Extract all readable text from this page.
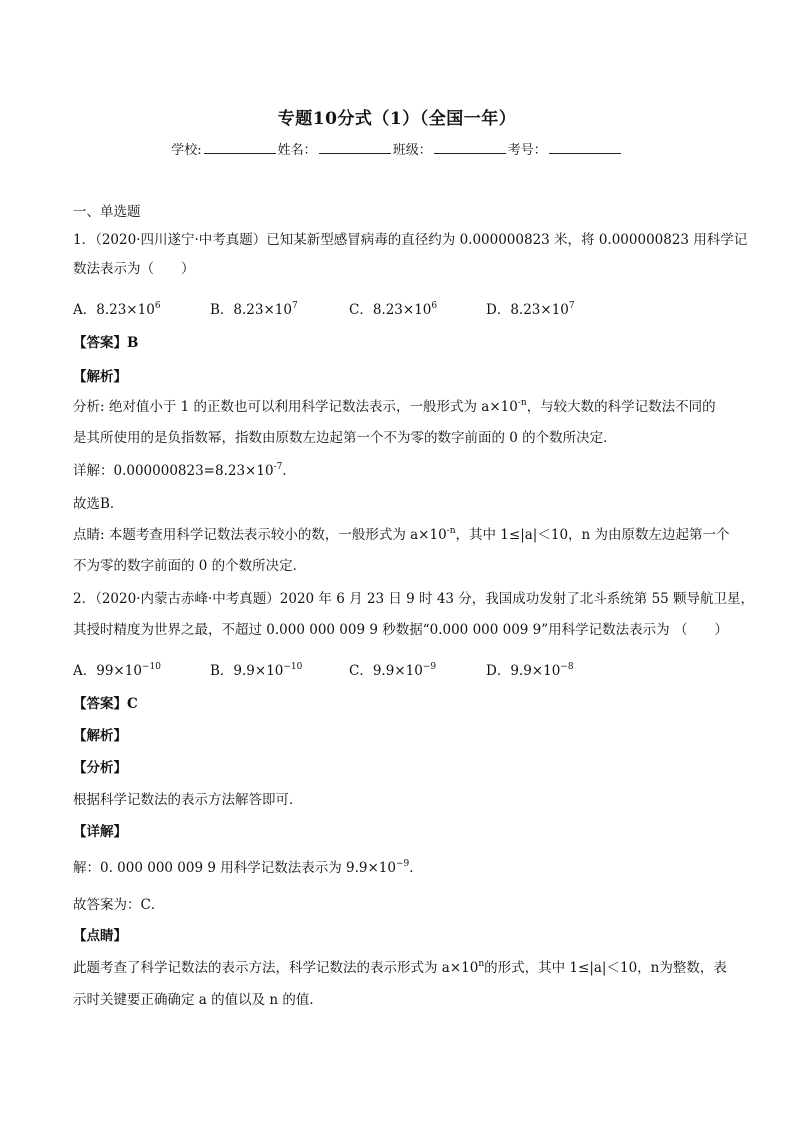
专题10分式（1）（全国一年）
学校:	姓名：	班级：	考号：
一、单选题
1．（2020·四川遂宁·中考真题）已知某新型感冒病毒的直径约为 0.000000823 米，将 0.000000823 用科学记
数法表示为（　　）
A．$8.23\times 10^6$	B．$8.23\times 10^7$	C．$8.23\times 10^6$	D．$8.23\times 10^7$
【答案】B
【解析】
分析: 绝对值小于 1 的正数也可以利用科学记数法表示，一般形式为 $a\times 10^{-n}$，与较大数的科学记数法不同的
是其所使用的是负指数幂，指数由原数左边起第一个不为零的数字前面的 0 的个数所决定．
详解：$0.000000823=8.23\times 10^{-7}$．
故选B．
点睛: 本题考查用科学记数法表示较小的数，一般形式为 $a\times 10^{-n}$，其中 1≤|a|＜10，n 为由原数左边起第一个
不为零的数字前面的 0 的个数所决定．
2．（2020·内蒙古赤峰·中考真题）2020 年 6 月 23 日 9 时 43 分，我国成功发射了北斗系统第 55 颗导航卫星，
其授时精度为世界之最，不超过 0.000 000 009 9 秒数据“0.000 000 009 9”用科学记数法表示为 （　　）
A．$99\times 10^{-10}$	B．$9.9\times 10^{-10}$	C．$9.9\times 10^{-9}$	D．$9.9\times 10^{-8}$
【答案】C
【解析】
【分析】
根据科学记数法的表示方法解答即可．
【详解】
解：0. 000 000 009 9 用科学记数法表示为 $9.9\times 10^{-9}$．
故答案为：C．
【点睛】
此题考查了科学记数法的表示方法，科学记数法的表示形式为 $a\times 10^n$的形式，其中 1≤|a|＜10，n为整数，表
示时关键要正确确定 a 的值以及 n 的值．
